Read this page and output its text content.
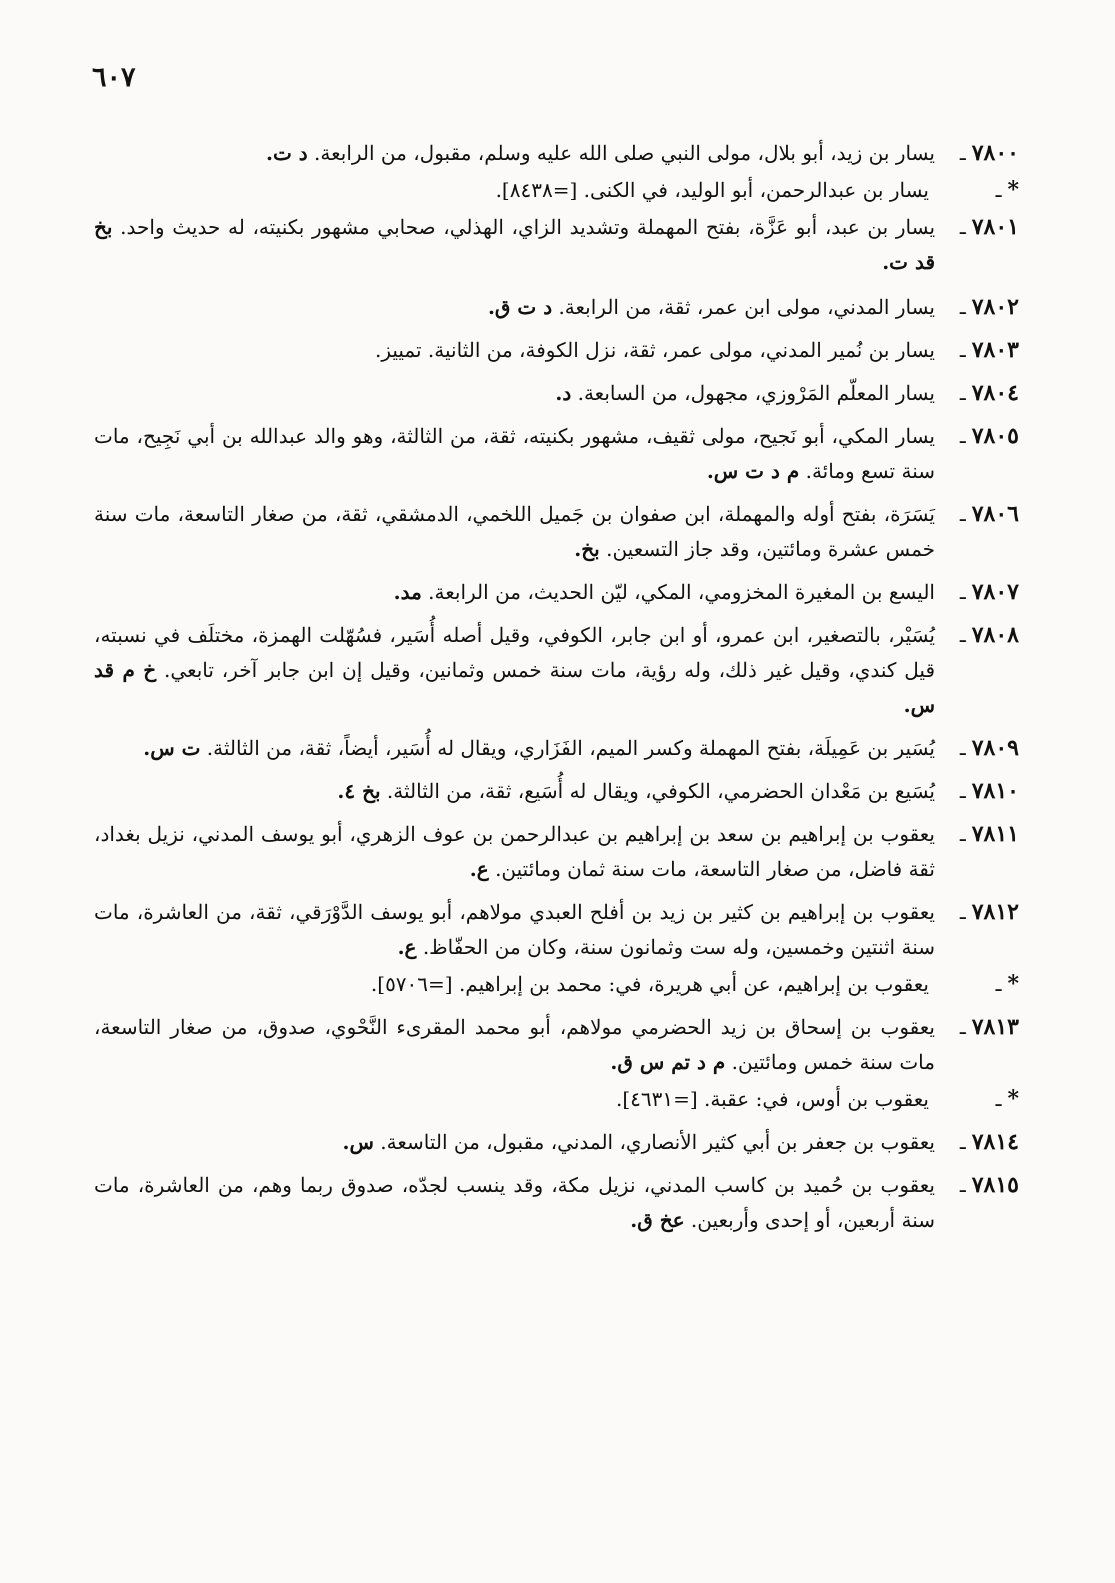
٦٠٧
٧٨٠٠ـ
يسار بن زيد، أبو بلال، مولى النبي صلى الله عليه وسلم، مقبول، من الرابعة. د ت.
*ـ
يسار بن عبدالرحمن، أبو الوليد، في الكنى. [=٨٤٣٨].
٧٨٠١ـ
يسار بن عبد، أبو عَزَّة، بفتح المهملة وتشديد الزاي، الهذلي، صحابي مشهور بكنيته، له حديث واحد. بخ قد ت.
٧٨٠٢ـ
يسار المدني، مولى ابن عمر، ثقة، من الرابعة. د ت ق.
٧٨٠٣ـ
يسار بن نُمير المدني، مولى عمر، ثقة، نزل الكوفة، من الثانية. تمييز.
٧٨٠٤ـ
يسار المعلّم المَرْوزي، مجهول، من السابعة. د.
٧٨٠٥ـ
يسار المكي، أبو نَجيح، مولى ثقيف، مشهور بكنيته، ثقة، من الثالثة، وهو والد عبدالله بن أبي نَجِيح، مات سنة تسع ومائة. م د ت س.
٧٨٠٦ـ
يَسَرَة، بفتح أوله والمهملة، ابن صفوان بن جَميل اللخمي، الدمشقي، ثقة، من صغار التاسعة، مات سنة خمس عشرة ومائتين، وقد جاز التسعين. بخ.
٧٨٠٧ـ
اليسع بن المغيرة المخزومي، المكي، ليّن الحديث، من الرابعة. مد.
٧٨٠٨ـ
يُسَيْر، بالتصغير، ابن عمرو، أو ابن جابر، الكوفي، وقيل أصله أُسَير، فسُهّلت الهمزة، مختلَف في نسبته، قيل كندي، وقيل غير ذلك، وله رؤية، مات سنة خمس وثمانين، وقيل إن ابن جابر آخر، تابعي. خ م قد س.
٧٨٠٩ـ
يُسَير بن عَمِيلَة، بفتح المهملة وكسر الميم، الفَزَاري، ويقال له أُسَير، أيضاً، ثقة، من الثالثة. ت س.
٧٨١٠ـ
يُسَيع بن مَعْدان الحضرمي، الكوفي، ويقال له أُسَيع، ثقة، من الثالثة. بخ ٤.
٧٨١١ـ
يعقوب بن إبراهيم بن سعد بن إبراهيم بن عبدالرحمن بن عوف الزهري، أبو يوسف المدني، نزيل بغداد، ثقة فاضل، من صغار التاسعة، مات سنة ثمان ومائتين. ع.
٧٨١٢ـ
يعقوب بن إبراهيم بن كثير بن زيد بن أفلح العبدي مولاهم، أبو يوسف الدَّوْرَقي، ثقة، من العاشرة، مات سنة اثنتين وخمسين، وله ست وثمانون سنة، وكان من الحفّاظ. ع.
*ـ
يعقوب بن إبراهيم، عن أبي هريرة، في: محمد بن إبراهيم. [=٥٧٠٦].
٧٨١٣ـ
يعقوب بن إسحاق بن زيد الحضرمي مولاهم، أبو محمد المقرىء النَّحْوي، صدوق، من صغار التاسعة، مات سنة خمس ومائتين. م د تم س ق.
*ـ
يعقوب بن أوس، في: عقبة. [=٤٦٣١].
٧٨١٤ـ
يعقوب بن جعفر بن أبي كثير الأنصاري، المدني، مقبول، من التاسعة. س.
٧٨١٥ـ
يعقوب بن حُميد بن كاسب المدني، نزيل مكة، وقد ينسب لجدّه، صدوق ربما وهم، من العاشرة، مات سنة أربعين، أو إحدى وأربعين. عخ ق.
